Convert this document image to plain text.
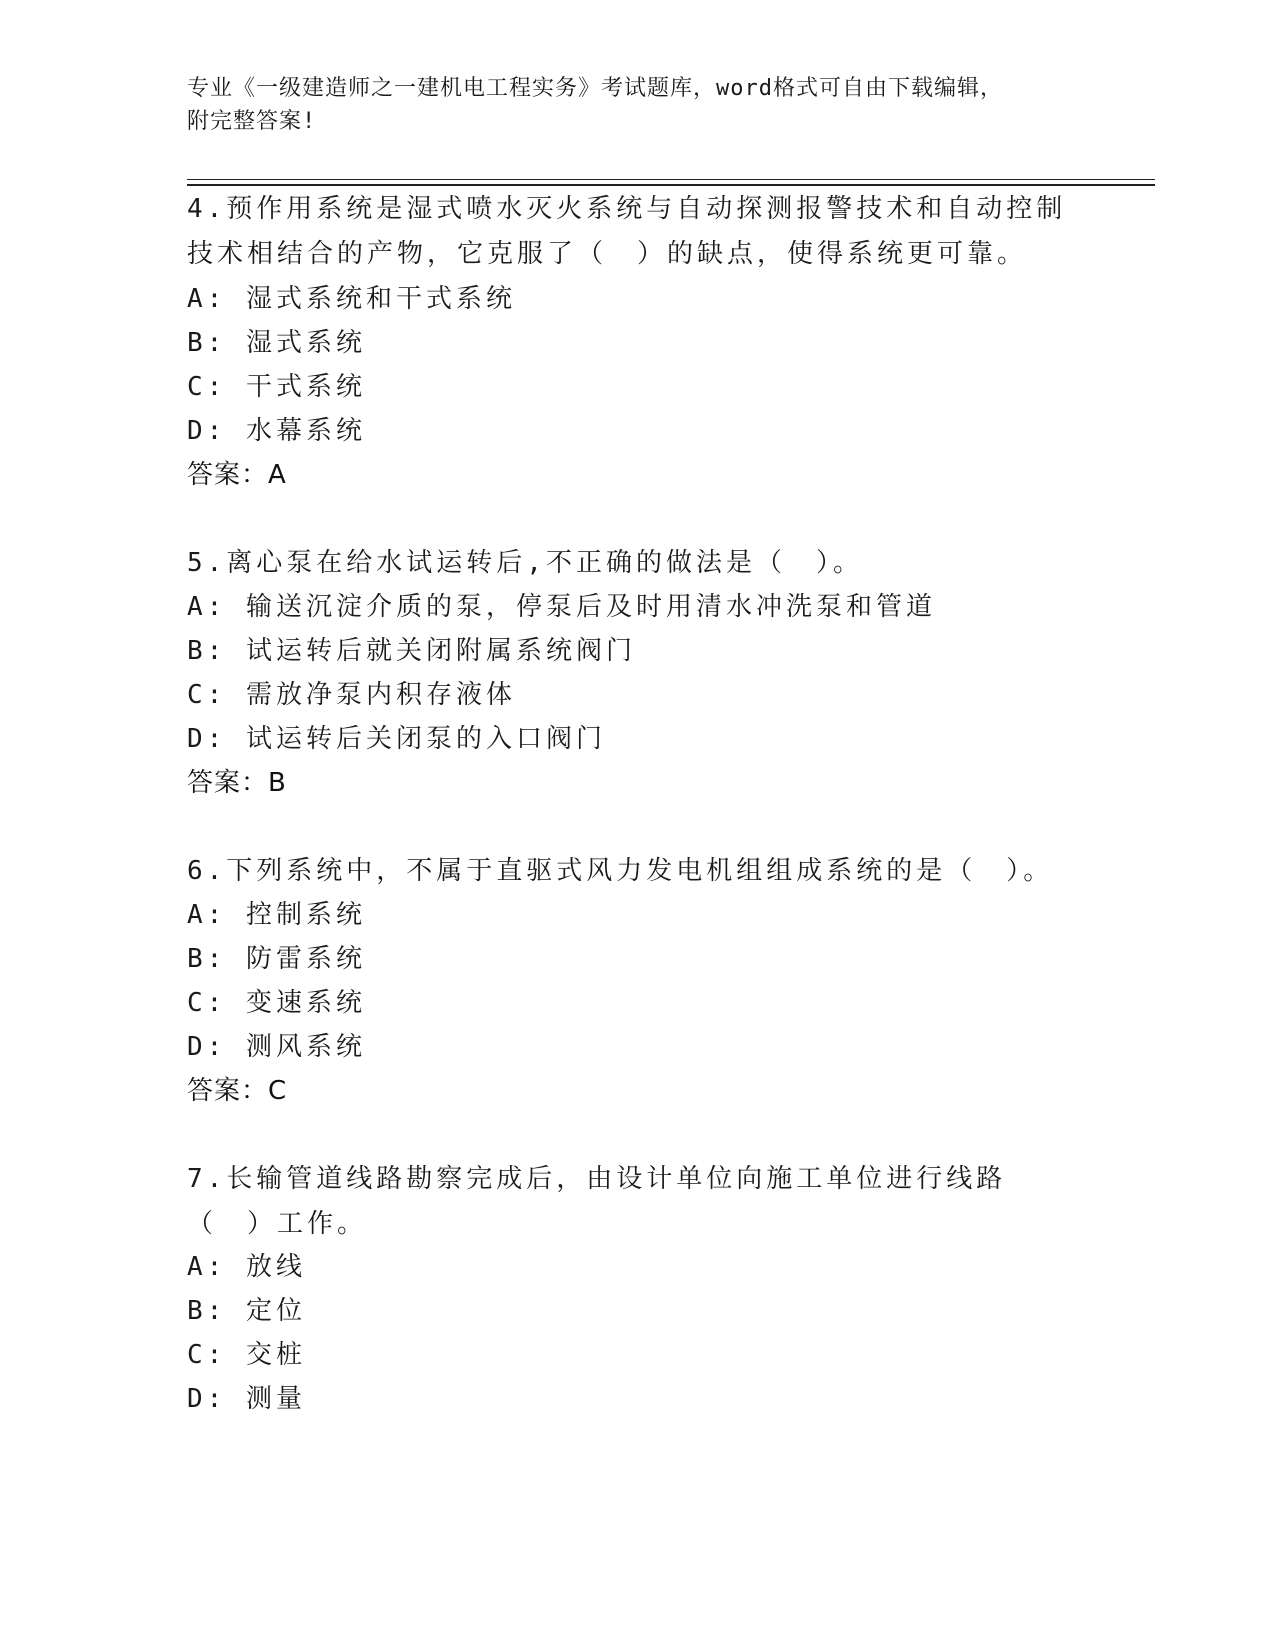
专业《一级建造师之一建机电工程实务》考试题库，word格式可自由下载编辑，
附完整答案!
4.预作用系统是湿式喷水灭火系统与自动探测报警技术和自动控制技术相结合的产物，它克服了（　）的缺点，使得系统更可靠。
A: 湿式系统和干式系统
B: 湿式系统
C: 干式系统
D: 水幕系统
答案：A
5.离心泵在给水试运转后,不正确的做法是（　）。
A: 输送沉淀介质的泵，停泵后及时用清水冲洗泵和管道
B: 试运转后就关闭附属系统阀门
C: 需放净泵内积存液体
D: 试运转后关闭泵的入口阀门
答案：B
6.下列系统中，不属于直驱式风力发电机组组成系统的是（　）。
A: 控制系统
B: 防雷系统
C: 变速系统
D: 测风系统
答案：C
7.长输管道线路勘察完成后，由设计单位向施工单位进行线路（　）工作。
A: 放线
B: 定位
C: 交桩
D: 测量
